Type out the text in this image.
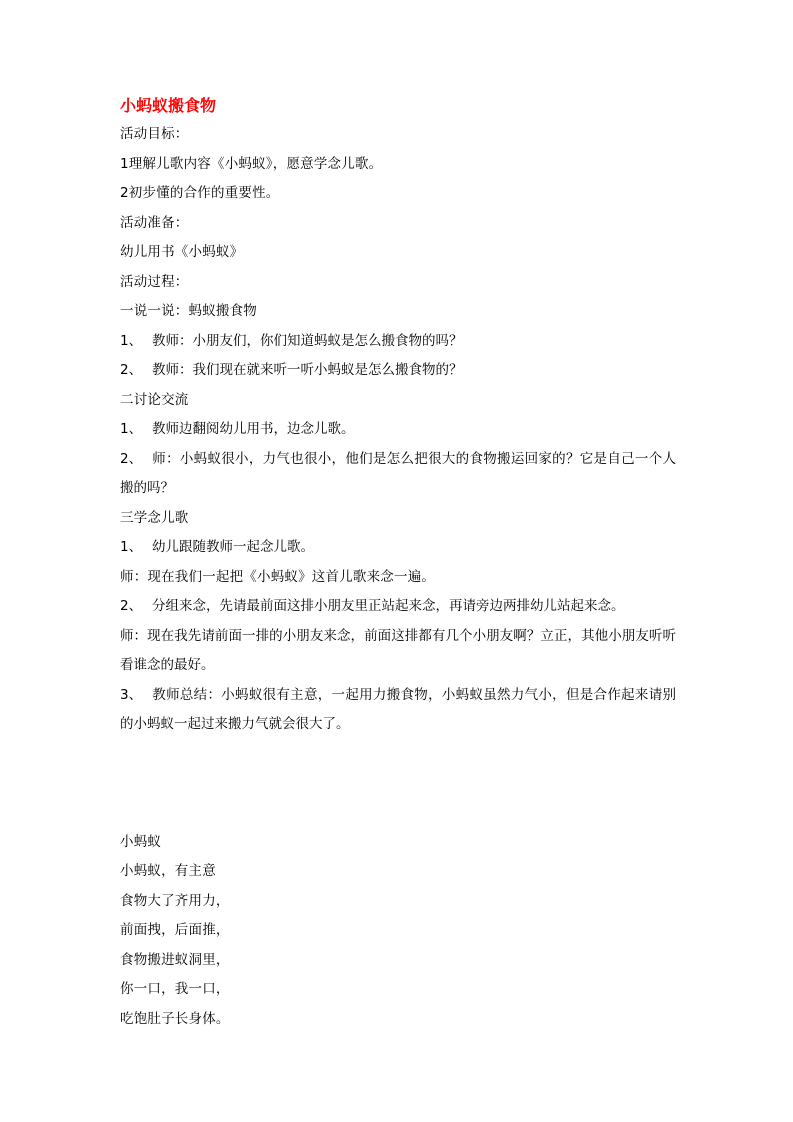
小蚂蚁搬食物
活动目标：
1理解儿歌内容《小蚂蚁》，愿意学念儿歌。
2初步懂的合作的重要性。
活动准备：
幼儿用书《小蚂蚁》
活动过程：
一说一说：蚂蚁搬食物
1、 教师：小朋友们，你们知道蚂蚁是怎么搬食物的吗？
2、 教师：我们现在就来听一听小蚂蚁是怎么搬食物的？
二讨论交流
1、 教师边翻阅幼儿用书，边念儿歌。
2、 师：小蚂蚁很小，力气也很小，他们是怎么把很大的食物搬运回家的？它是自己一个人搬的吗？
三学念儿歌
1、 幼儿跟随教师一起念儿歌。
师：现在我们一起把《小蚂蚁》这首儿歌来念一遍。
2、 分组来念，先请最前面这排小朋友里正站起来念，再请旁边两排幼儿站起来念。
师：现在我先请前面一排的小朋友来念，前面这排都有几个小朋友啊？立正，其他小朋友听听看谁念的最好。
3、 教师总结：小蚂蚁很有主意，一起用力搬食物，小蚂蚁虽然力气小，但是合作起来请别的小蚂蚁一起过来搬力气就会很大了。
小蚂蚁
小蚂蚁，有主意
食物大了齐用力，
前面拽，后面推，
食物搬进蚁洞里，
你一口，我一口，
吃饱肚子长身体。
